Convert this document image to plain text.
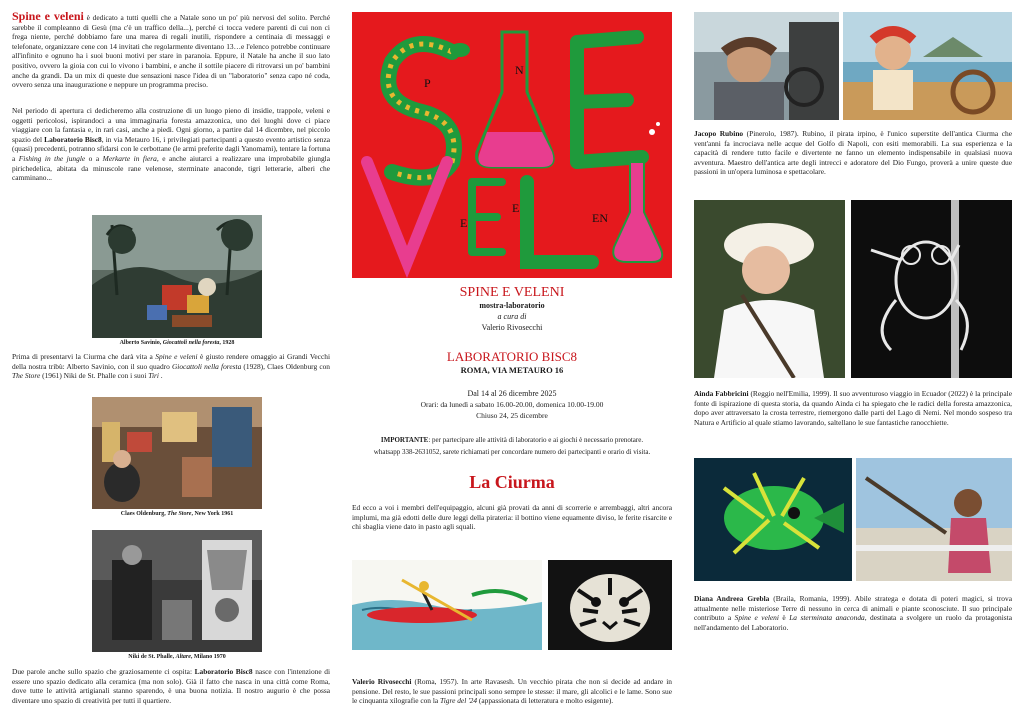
Spine e veleni è dedicato a tutti quelli che a Natale sono un po' più nervosi del solito. Perché sarebbe il compleanno di Gesù (ma c'è un traffico della...), perché ci tocca vedere parenti di cui non ci frega niente, perché dobbiamo fare una marea di regali inutili, rispondere a centinaia di messaggi e telefonate, organizzare cene con 14 invitati che regolarmente diventano 13…e l'elenco potrebbe continuare all'infinito e ognuno ha i suoi buoni motivi per stare in paranoia. Eppure, il Natale ha anche il suo lato positivo, ovvero la gioia con cui lo vivono i bambini, e anche il sottile piacere di ritrovarsi un po' bambini anche da grandi. Da un mix di queste due sensazioni nasce l'idea di un "laboratorio" senza capo né coda, ovvero senza una inaugurazione e neppure un programma preciso.

Nel periodo di apertura ci dedicheremo alla costruzione di un luogo pieno di insidie, trappole, veleni e oggetti pericolosi, ispirandoci a una immaginaria foresta amazzonica, uno dei luoghi dove ci piace viaggiare con la fantasia e, in rari casi, anche a piedi. Ogni giorno, a partire dal 14 dicembre, nel piccolo spazio del Laboratorio Bisc8, in via Metauro 16, i privilegiati partecipanti a questo evento artistico senza (quasi) precedenti, potranno sfidarsi con le cerbottane (le armi preferite dagli Yanomami), tentare la fortuna a Fishing in the jungle o a Merkarte in fiera, e anche aiutarci a realizzare una improbabile giungla pirichedelica, abitata da minuscole rane velenose, sterminate anaconde, tigri letterarie, alberi che camminano...

Alberto Savinio, Giocattoli nella foresta, 1928

Prima di presentarvi la Ciurma che darà vita a Spine e veleni è giusto rendere omaggio ai Grandi Vecchi della nostra tribù: Alberto Savinio, con il suo quadro Giocattoli nella foresta (1928), Claes Oldenburg con The Store (1961) Niki de St. Phalle con i suoi Tiri .

Claes Oldenburg, The Store, New York 1961
Niki de St. Phalle, Altare, Milano 1970

Due parole anche sullo spazio che graziosamente ci ospita: Laboratorio Bisc8 nasce con l'intenzione di essere uno spazio dedicato alla ceramica (ma non solo). Già il fatto che nasca in una città come Roma, dove tutte le attività artigianali stanno sparendo, è una buona notizia. Il nostro augurio è che possa diventare uno spazio di creatività per tutti il quartiere.

P
N
E
E	EN
SPINE E VELENI
mostra-laboratorio
a cura di
Valerio Rivosecchi
LABORATORIO BISC8
ROMA, VIA METAURO 16
Dal 14 al 26 dicembre 2025
Orari: da lunedì a sabato 16.00-20.00, domenica 10.00-19.00
Chiuso 24, 25 dicembre
IMPORTANTE: per partecipare alle attività di laboratorio e ai giochi è necessario prenotare.
whatsapp 338-2631052, sarete richiamati per concordare numero dei partecipanti e orario di visita.
La Ciurma

Ed ecco a voi i membri dell'equipaggio, alcuni già provati da anni di scorrerie e arrembaggi, altri ancora implumi, ma già edotti delle dure leggi della pirateria: il bottino viene equamente diviso, le ferite risarcite e chi sbaglia viene dato in pasto agli squali.

Valerio Rivosecchi (Roma, 1957). In arte Ravasesh. Un vecchio pirata che non si decide ad andare in pensione. Del resto, le sue passioni principali sono sempre le stesse: il mare, gli alcolici e le lame. Sono sue le cinquanta xilografie con la Tigre del '24 (appassionata di letteratura e molto esigente).

Jacopo Rubino (Pinerolo, 1987). Rubino, il pirata irpino, è l'unico superstite dell'antica Ciurma che vent'anni fa incrociava nelle acque del Golfo di Napoli, con esiti memorabili. La sua esperienza e la capacità di rendere tutto facile e divertente ne fanno un elemento indispensabile in qualsiasi nuova avventura. Maestro dell'antica arte degli intrecci e adoratore del Dio Fungo, proverà a unire queste due passioni in un'opera luminosa e spettacolare.

Ainda Fabbricini (Reggio nell'Emilia, 1999). Il suo avventuroso viaggio in Ecuador (2022) è la principale fonte di ispirazione di questa storia, da quando Ainda ci ha spiegato che le radici della foresta amazzonica, dopo aver attraversato la crosta terrestre, riemergono dalle parti del Lago di Nemi. Nel mondo sospeso tra Natura e Artificio al quale stiamo lavorando, saltellano le sue fantastiche ranocchiette.

Diana Andreea Grebla (Braila, Romania, 1999). Abile stratega e dotata di poteri magici, si trova attualmente nelle misteriose Terre di nessuno in cerca di animali e piante sconosciute. Il suo principale contributo a Spine e veleni è La sterminata anaconda, destinata a svolgere un ruolo da protagonista nell'andamento del Laboratorio.
